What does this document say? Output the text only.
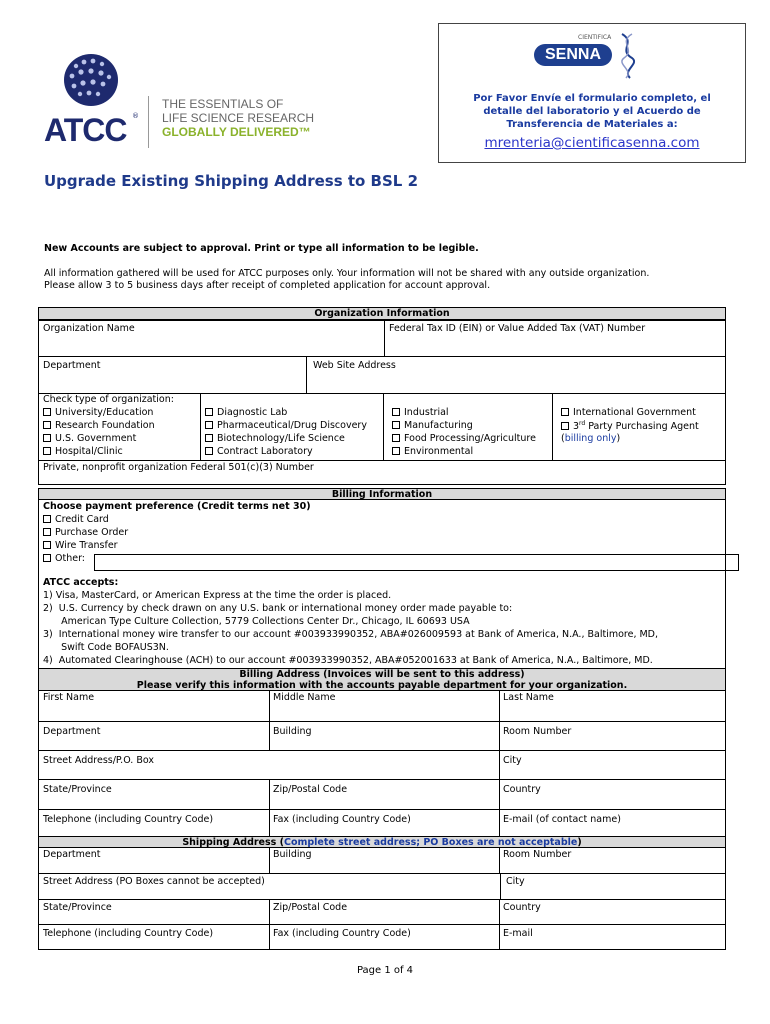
ATCC ®
THE ESSENTIALS OF
LIFE SCIENCE RESEARCH
GLOBALLY DELIVERED™
CIENTIFICA
SENNA
Por Favor Envíe el formulario completo, el
detalle del laboratorio y el Acuerdo de
Transferencia de Materiales a:
mrenteria@cientificasenna.com
Upgrade Existing Shipping Address to BSL 2
New Accounts are subject to approval. Print or type all information to be legible.
All information gathered will be used for ATCC purposes only. Your information will not be shared with any outside organization.
Please allow 3 to 5 business days after receipt of completed application for account approval.
Organization Information
Organization Name	Federal Tax ID (EIN) or Value Added Tax (VAT) Number
Department	Web Site Address
Check type of organization:
University/Education
Research Foundation
U.S. Government
Hospital/Clinic
Diagnostic Lab
Pharmaceutical/Drug Discovery
Biotechnology/Life Science
Contract Laboratory
Industrial
Manufacturing
Food Processing/Agriculture
Environmental
International Government
3rd Party Purchasing Agent
(billing only)
Private, nonprofit organization Federal 501(c)(3) Number
Billing Information
Choose payment preference (Credit terms net 30)
Credit Card
Purchase Order
Wire Transfer
Other:
ATCC accepts:
1) Visa, MasterCard, or American Express at the time the order is placed.
2)  U.S. Currency by check drawn on any U.S. bank or international money order made payable to:
American Type Culture Collection, 5779 Collections Center Dr., Chicago, IL 60693 USA
3)  International money wire transfer to our account #003933990352, ABA#026009593 at Bank of America, N.A., Baltimore, MD,
Swift Code BOFAUS3N.
4)  Automated Clearinghouse (ACH) to our account #003933990352, ABA#052001633 at Bank of America, N.A., Baltimore, MD.
Billing Address (Invoices will be sent to this address)
Please verify this information with the accounts payable department for your organization.
First Name	Middle Name	Last Name
Department	Building	Room Number
Street Address/P.O. Box	City
State/Province	Zip/Postal Code	Country
Telephone (including Country Code)	Fax (including Country Code)	E-mail (of contact name)
Shipping Address (Complete street address; PO Boxes are not acceptable)
Department	Building	Room Number
Street Address (PO Boxes cannot be accepted)	City
State/Province	Zip/Postal Code	Country
Telephone (including Country Code)	Fax (including Country Code)	E-mail
Page 1 of 4
